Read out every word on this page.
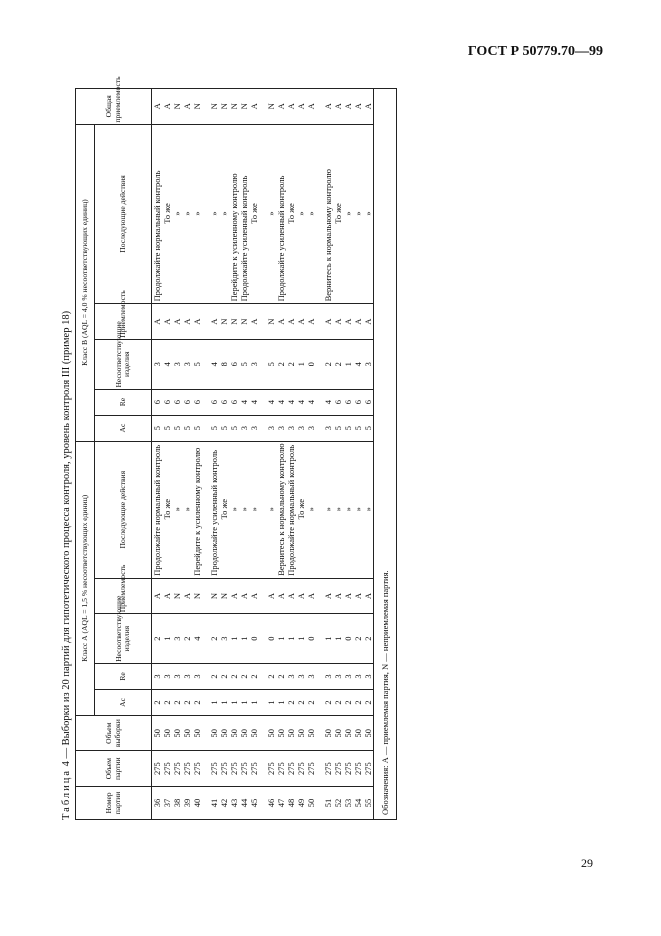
ГОСТ Р 50779.70—99
Таблица 4 — Выборки из 20 партий для гипотетического процесса контроля, уровень контроля III (пример 18)
Номер партии	Объем партии	Объем выборки	Класс А (AQL = 1,5 % несоответствующих единиц)					Класс В (AQL = 4,0 % несоответствующих единиц)					Общая приемлемость
			Ac	Re	Несоответствующие изделия	Приемлемость	Последующие действия	Ac	Re	Несоответствующие изделия	Приемлемость	Последующие действия	
36	275	50	2	3	2	A	Продолжайте нормальный контроль	5	6	3	A	Продолжайте нормальный контроль	A
37	275	50	2	3	1	A	То же	5	6	4	A	То же	A
38	275	50	2	3	3	N	»	5	6	3	A	»	N
39	275	50	2	3	2	A	»	5	6	3	A	»	A
40	275	50	2	3	4	N	Перейдите к усиленному контролю	5	6	5	A	»	N

41	275	50	1	2	2	N	Продолжайте усиленный контроль	5	6	4	A	»	N
42	275	50	1	2	3	N	То же	5	6	8	N	»	N
43	275	50	1	2	1	A	»	5	6	6	N	Перейдите к усиленному контролю	N
44	275	50	1	2	1	A	»	3	4	5	N	Продолжайте усиленный контроль	N
45	275	50	1	2	0	A	»	3	4	3	A	То же	A

46	275	50	1	2	0	A	»	3	4	5	N	»	N
47	275	50	1	2	1	A	Вернитесь к нормальному контролю	3	4	2	A	Продолжайте усиленный контроль	A
48	275	50	2	3	1	A	Продолжайте нормальный контроль	3	4	2	A	То же	A
49	275	50	2	3	1	A	То же	3	4	1	A	»	A
50	275	50	2	3	0	A	»	3	4	0	A	»	A

51	275	50	2	3	1	A	»	3	4	2	A	Вернитесь к нормальному контролю	A
52	275	50	2	3	1	A	»	5	6	2	A	То же	A
53	275	50	2	3	0	A	»	5	6	1	A	»	A
54	275	50	2	3	2	A	»	5	6	4	A	»	A
55	275	50	2	3	2	A	»	5	6	3	A	»	A
Обозначения: А — приемлемая партия, N — неприемлемая партия.													
29
